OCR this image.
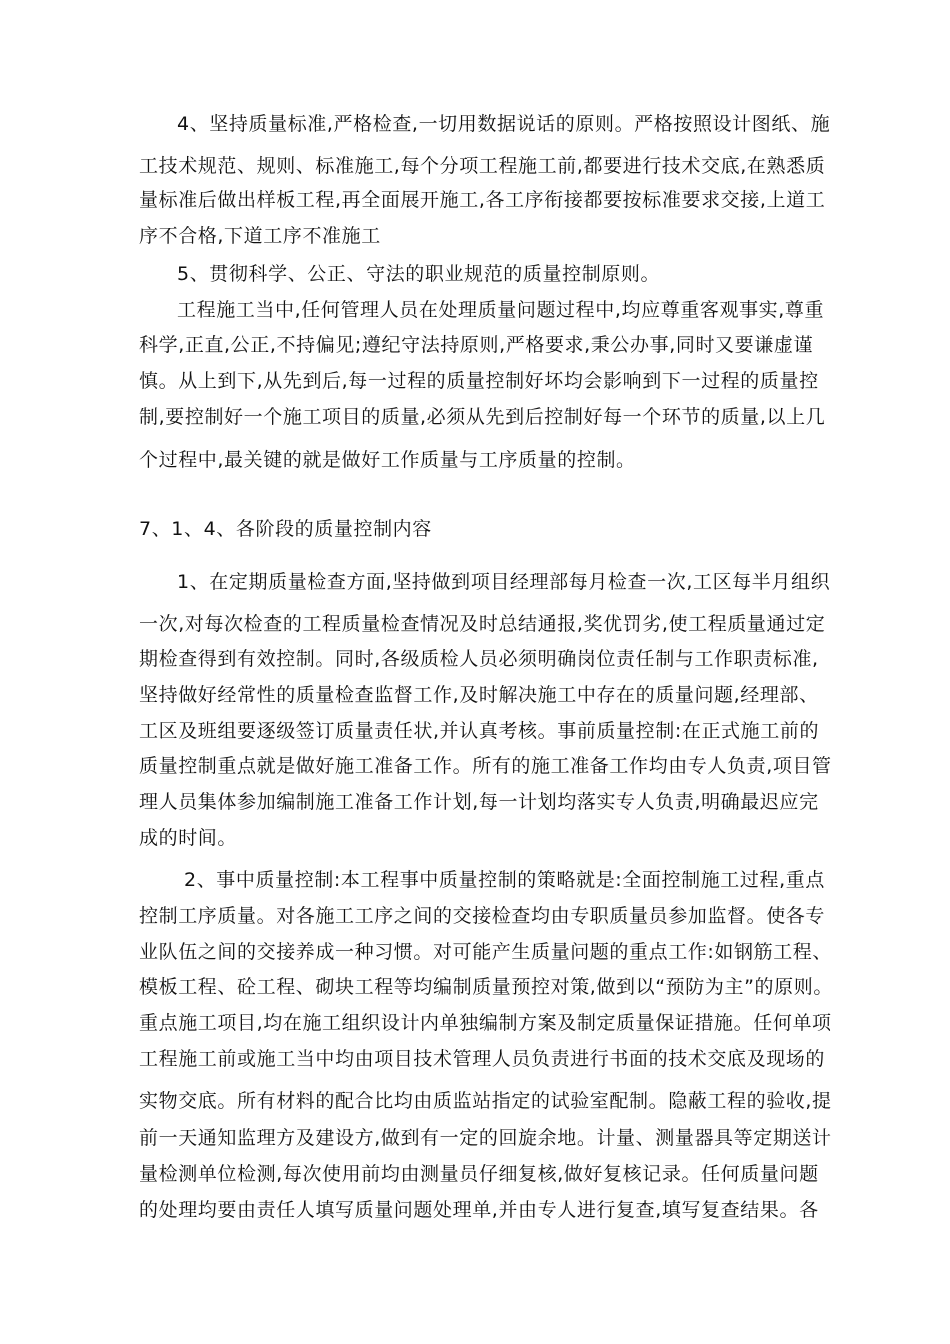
4、坚持质量标准,严格检查,一切用数据说话的原则。严格按照设计图纸、施
工技术规范、规则、标准施工,每个分项工程施工前,都要进行技术交底,在熟悉质
量标准后做出样板工程,再全面展开施工,各工序衔接都要按标准要求交接,上道工
序不合格,下道工序不准施工
5、贯彻科学、公正、守法的职业规范的质量控制原则。
工程施工当中,任何管理人员在处理质量问题过程中,均应尊重客观事实,尊重
科学,正直,公正,不持偏见;遵纪守法持原则,严格要求,秉公办事,同时又要谦虚谨
慎。从上到下,从先到后,每一过程的质量控制好坏均会影响到下一过程的质量控
制,要控制好一个施工项目的质量,必须从先到后控制好每一个环节的质量,以上几
个过程中,最关键的就是做好工作质量与工序质量的控制。
7、1、4、各阶段的质量控制内容
1、在定期质量检查方面,坚持做到项目经理部每月检查一次,工区每半月组织
一次,对每次检查的工程质量检查情况及时总结通报,奖优罚劣,使工程质量通过定
期检查得到有效控制。同时,各级质检人员必须明确岗位责任制与工作职责标准,
坚持做好经常性的质量检查监督工作,及时解决施工中存在的质量问题,经理部、
工区及班组要逐级签订质量责任状,并认真考核。事前质量控制:在正式施工前的
质量控制重点就是做好施工准备工作。所有的施工准备工作均由专人负责,项目管
理人员集体参加编制施工准备工作计划,每一计划均落实专人负责,明确最迟应完
成的时间。
2、事中质量控制:本工程事中质量控制的策略就是:全面控制施工过程,重点
控制工序质量。对各施工工序之间的交接检查均由专职质量员参加监督。使各专
业队伍之间的交接养成一种习惯。对可能产生质量问题的重点工作:如钢筋工程、
模板工程、砼工程、砌块工程等均编制质量预控对策,做到以“预防为主”的原则。
重点施工项目,均在施工组织设计内单独编制方案及制定质量保证措施。任何单项
工程施工前或施工当中均由项目技术管理人员负责进行书面的技术交底及现场的
实物交底。所有材料的配合比均由质监站指定的试验室配制。隐蔽工程的验收,提
前一天通知监理方及建设方,做到有一定的回旋余地。计量、测量器具等定期送计
量检测单位检测,每次使用前均由测量员仔细复核,做好复核记录。任何质量问题
的处理均要由责任人填写质量问题处理单,并由专人进行复查,填写复查结果。各
